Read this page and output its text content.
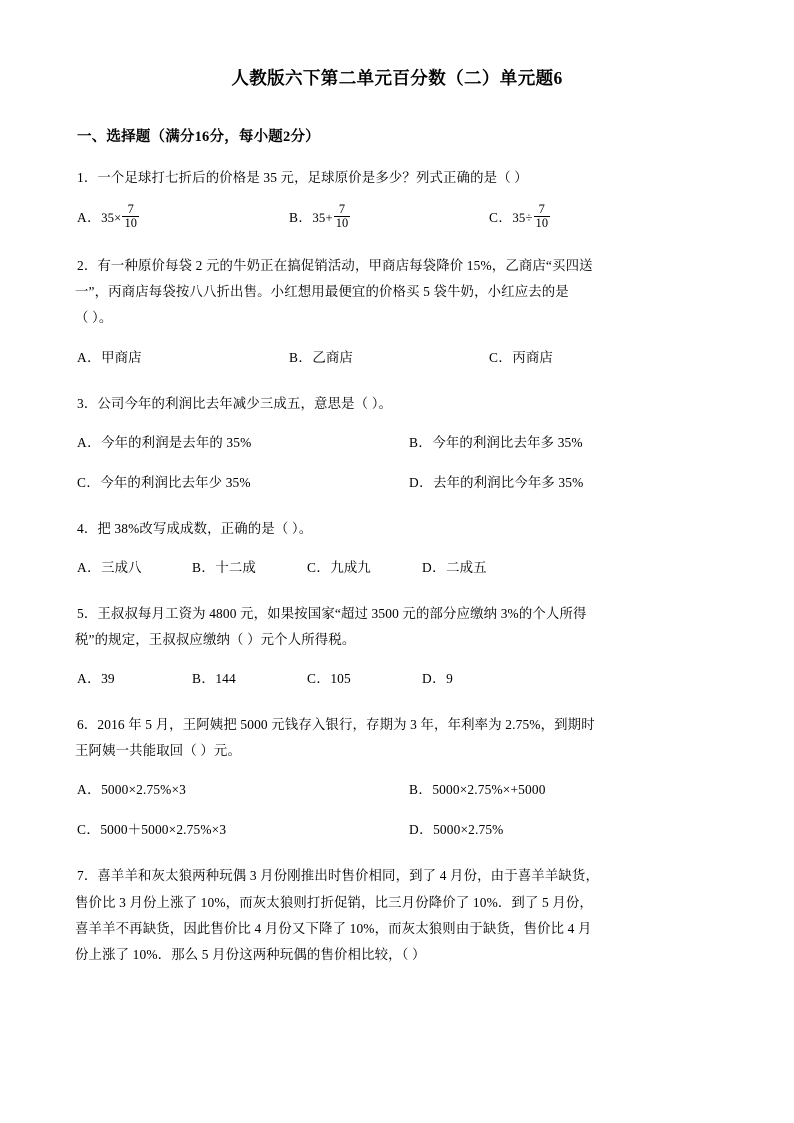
人教版六下第二单元百分数（二）单元题6
一、选择题（满分16分，每小题2分）
1．一个足球打七折后的价格是 35 元，足球原价是多少？列式正确的是（ ）
A．$35\times \frac{7}{10}$	B．$35+ \frac{7}{10}$	C．$35\div \frac{7}{10}$
2．有一种原价每袋 2 元的牛奶正在搞促销活动，甲商店每袋降价 15%，乙商店“买四送
一”，丙商店每袋按八八折出售。小红想用最便宜的价格买 5 袋牛奶，小红应去的是
（ ）。
A．甲商店	B．乙商店	C．丙商店
3．公司今年的利润比去年减少三成五，意思是（ ）。
A．今年的利润是去年的 35%	B．今年的利润比去年多 35%
C．今年的利润比去年少 35%	D．去年的利润比今年多 35%
4．把 38%改写成成数，正确的是（ ）。
A．三成八	B．十二成	C．九成九	D．二成五
5．王叔叔每月工资为 4800 元，如果按国家“超过 3500 元的部分应缴纳 3%的个人所得
税”的规定，王叔叔应缴纳（ ）元个人所得税。
A．39	B．144	C．105	D．9
6．2016 年 5 月，王阿姨把 5000 元钱存入银行，存期为 3 年，年利率为 2.75%，到期时
王阿姨一共能取回（ ）元。
A．5000×2.75%×3	B．5000×2.75%×+5000
C．5000＋5000×2.75%×3	D．5000×2.75%
7．喜羊羊和灰太狼两种玩偶 3 月份刚推出时售价相同，到了 4 月份，由于喜羊羊缺货，
售价比 3 月份上涨了 10%，而灰太狼则打折促销，比三月份降价了 10%．到了 5 月份，
喜羊羊不再缺货，因此售价比 4 月份又下降了 10%，而灰太狼则由于缺货，售价比 4 月
份上涨了 10%．那么 5 月份这两种玩偶的售价相比较，（ ）
